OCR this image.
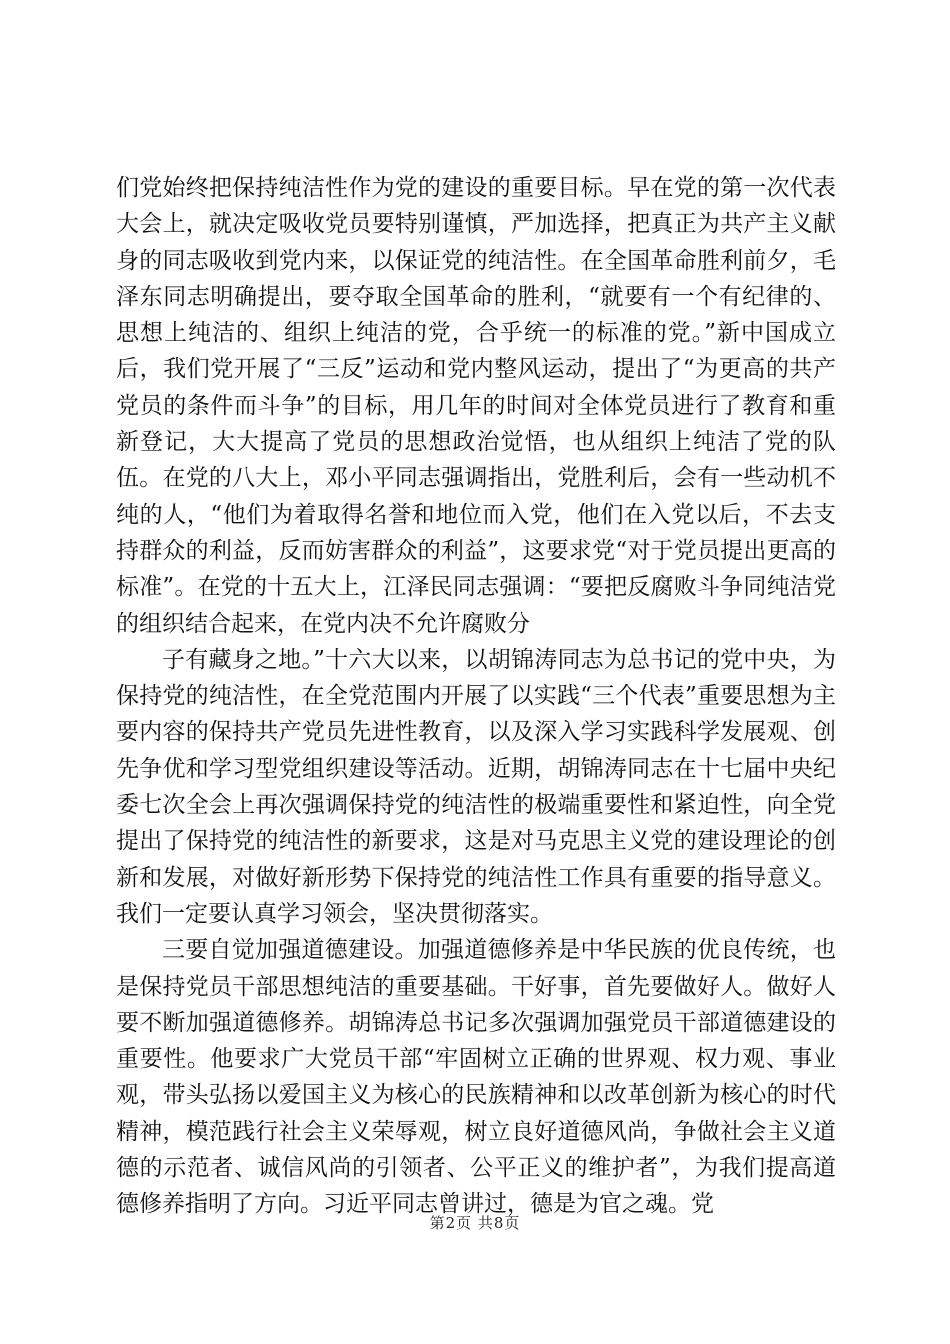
们党始终把保持纯洁性作为党的建设的重要目标。早在党的第一次代表大会上，就决定吸收党员要特别谨慎，严加选择，把真正为共产主义献身的同志吸收到党内来，以保证党的纯洁性。在全国革命胜利前夕，毛泽东同志明确提出，要夺取全国革命的胜利，“就要有一个有纪律的、思想上纯洁的、组织上纯洁的党，合乎统一的标准的党。”新中国成立后，我们党开展了“三反”运动和党内整风运动，提出了“为更高的共产党员的条件而斗争”的目标，用几年的时间对全体党员进行了教育和重新登记，大大提高了党员的思想政治觉悟，也从组织上纯洁了党的队伍。在党的八大上，邓小平同志强调指出，党胜利后，会有一些动机不纯的人，“他们为着取得名誉和地位而入党，他们在入党以后，不去支持群众的利益，反而妨害群众的利益”，这要求党“对于党员提出更高的标准”。在党的十五大上，江泽民同志强调：“要把反腐败斗争同纯洁党的组织结合起来，在党内决不允许腐败分

子有藏身之地。”十六大以来，以胡锦涛同志为总书记的党中央，为保持党的纯洁性，在全党范围内开展了以实践“三个代表”重要思想为主要内容的保持共产党员先进性教育，以及深入学习实践科学发展观、创先争优和学习型党组织建设等活动。近期，胡锦涛同志在十七届中央纪委七次全会上再次强调保持党的纯洁性的极端重要性和紧迫性，向全党提出了保持党的纯洁性的新要求，这是对马克思主义党的建设理论的创新和发展，对做好新形势下保持党的纯洁性工作具有重要的指导意义。我们一定要认真学习领会，坚决贯彻落实。

三要自觉加强道德建设。加强道德修养是中华民族的优良传统，也是保持党员干部思想纯洁的重要基础。干好事，首先要做好人。做好人要不断加强道德修养。胡锦涛总书记多次强调加强党员干部道德建设的重要性。他要求广大党员干部“牢固树立正确的世界观、权力观、事业观，带头弘扬以爱国主义为核心的民族精神和以改革创新为核心的时代精神，模范践行社会主义荣辱观，树立良好道德风尚，争做社会主义道德的示范者、诚信风尚的引领者、公平正义的维护者”，为我们提高道德修养指明了方向。习近平同志曾讲过，德是为官之魂。党

第2页 共8页
